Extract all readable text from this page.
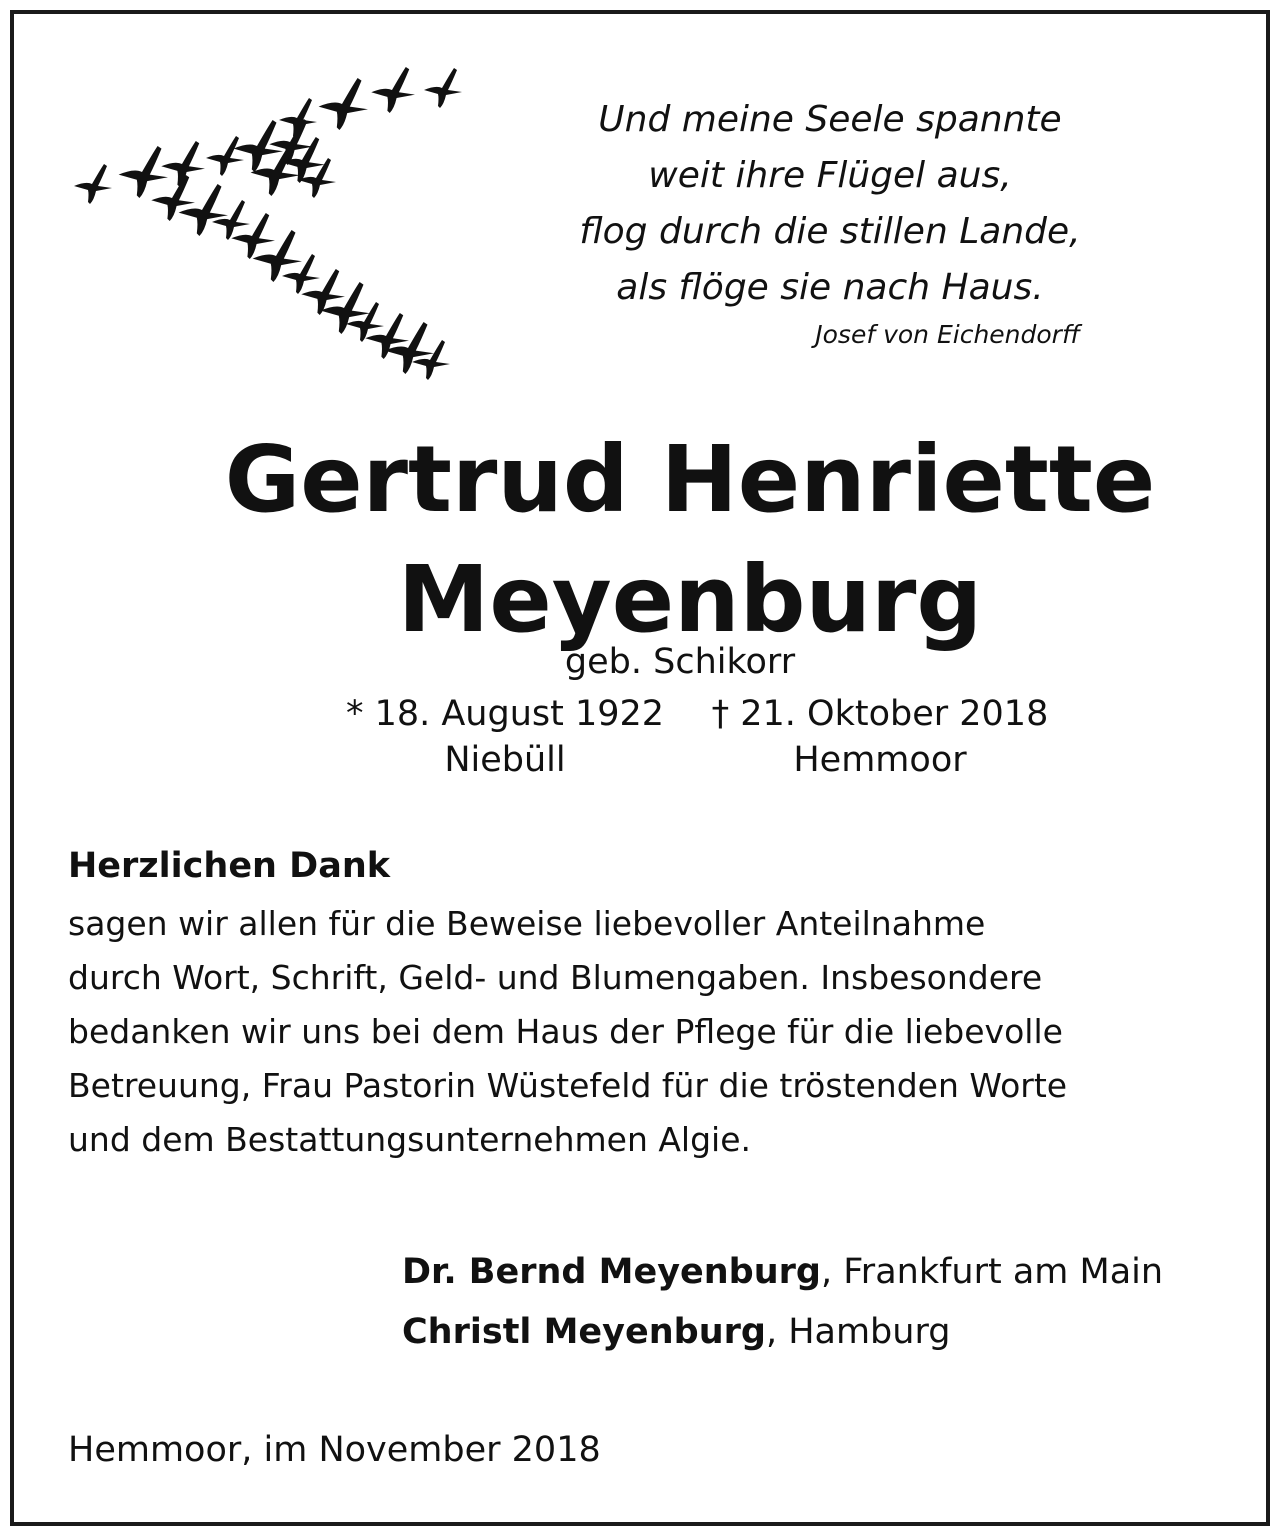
Und meine Seele spannte
weit ihre Flügel aus,
flog durch die stillen Lande,
als flöge sie nach Haus.
Josef von Eichendorff
Gertrud Henriette
Meyenburg
geb. Schikorr
* 18. August 1922	† 21. Oktober 2018
Niebüll	Hemmoor
Herzlichen Dank
sagen wir allen für die Beweise liebevoller Anteilnahme
durch Wort, Schrift, Geld- und Blumengaben. Insbesondere
bedanken wir uns bei dem Haus der Pflege für die liebevolle
Betreuung, Frau Pastorin Wüstefeld für die tröstenden Worte
und dem Bestattungsunternehmen Algie.
Dr. Bernd Meyenburg, Frankfurt am Main
Christl Meyenburg, Hamburg
Hemmoor, im November 2018
